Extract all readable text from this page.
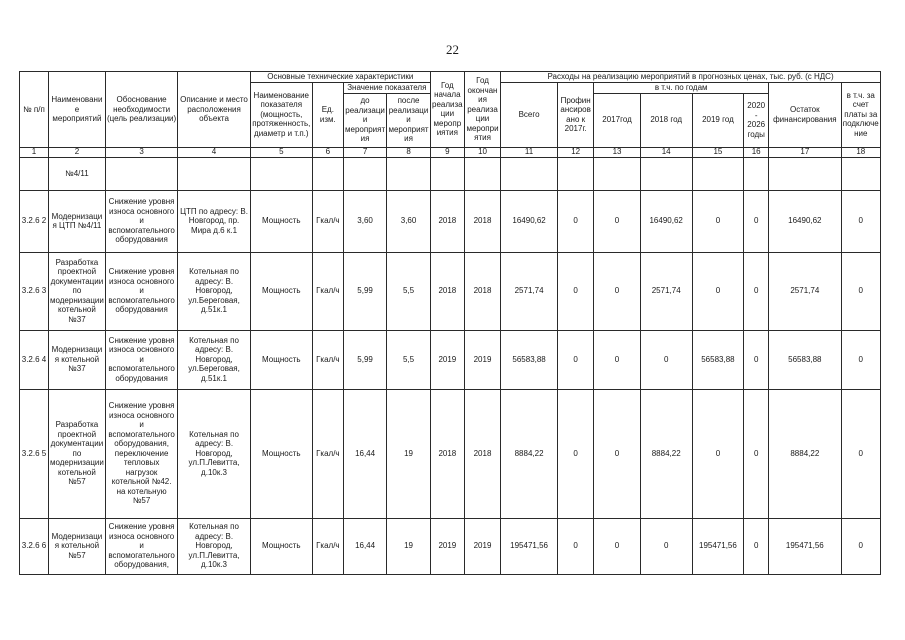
22
№ п/п	Наименование мероприятий	Обоснование необходимости (цель реализации)	Описание и место расположения объекта	Основные технические характеристики				Год начала реализации мероприятия	Год окончания реализации мероприятия	Расходы на реализацию мероприятий в прогнозных ценах, тыс. руб. (с НДС)							
				Наименование показателя (мощность, протяженность, диаметр и т.п.)	Ед. изм.	Значение показателя				Всего	Профинансировано к 2017г.	в т.ч. по годам				Остаток финансирования	в т.ч. за счет платы за подключение
						до реализации мероприятия	после реализации мероприятия					2017год	2018 год	2019 год	2020 - 2026 годы		
1	2	3	4	5	6	7	8	9	10	11	12	13	14	15	16	17	18
	№4/11																
3.2.6 2	Модернизация ЦТП №4/11	Снижение уровня износа основного и вспомогательного оборудования	ЦТП по адресу: В. Новгород, пр. Мира д.6 к.1	Мощность	Гкал/ч	3,60	3,60	2018	2018	16490,62	0	0	16490,62	0	0	16490,62	0
3.2.6 3	Разработка проектной документации по модернизации котельной №37	Снижение уровня износа основного и вспомогательного оборудования	Котельная по адресу: В. Новгород, ул.Береговая, д.51к.1	Мощность	Гкал/ч	5,99	5,5	2018	2018	2571,74	0	0	2571,74	0	0	2571,74	0
3.2.6 4	Модернизация котельной №37	Снижение уровня износа основного и вспомогательного оборудования	Котельная по адресу: В. Новгород, ул.Береговая, д.51к.1	Мощность	Гкал/ч	5,99	5,5	2019	2019	56583,88	0	0	0	56583,88	0	56583,88	0
3.2.6 5	Разработка проектной документации по модернизации котельной №57	Снижение уровня износа основного и вспомогательного оборудования, переключение тепловых нагрузок котельной №42. на котельную №57	Котельная по адресу: В. Новгород, ул.П.Левитта, д.10к.3	Мощность	Гкал/ч	16,44	19	2018	2018	8884,22	0	0	8884,22	0	0	8884,22	0
3.2.6 6	Модернизация котельной №57	Снижение уровня износа основного и вспомогательного оборудования,	Котельная по адресу: В. Новгород, ул.П.Левитта, д.10к.3	Мощность	Гкал/ч	16,44	19	2019	2019	195471,56	0	0	0	195471,56	0	195471,56	0
